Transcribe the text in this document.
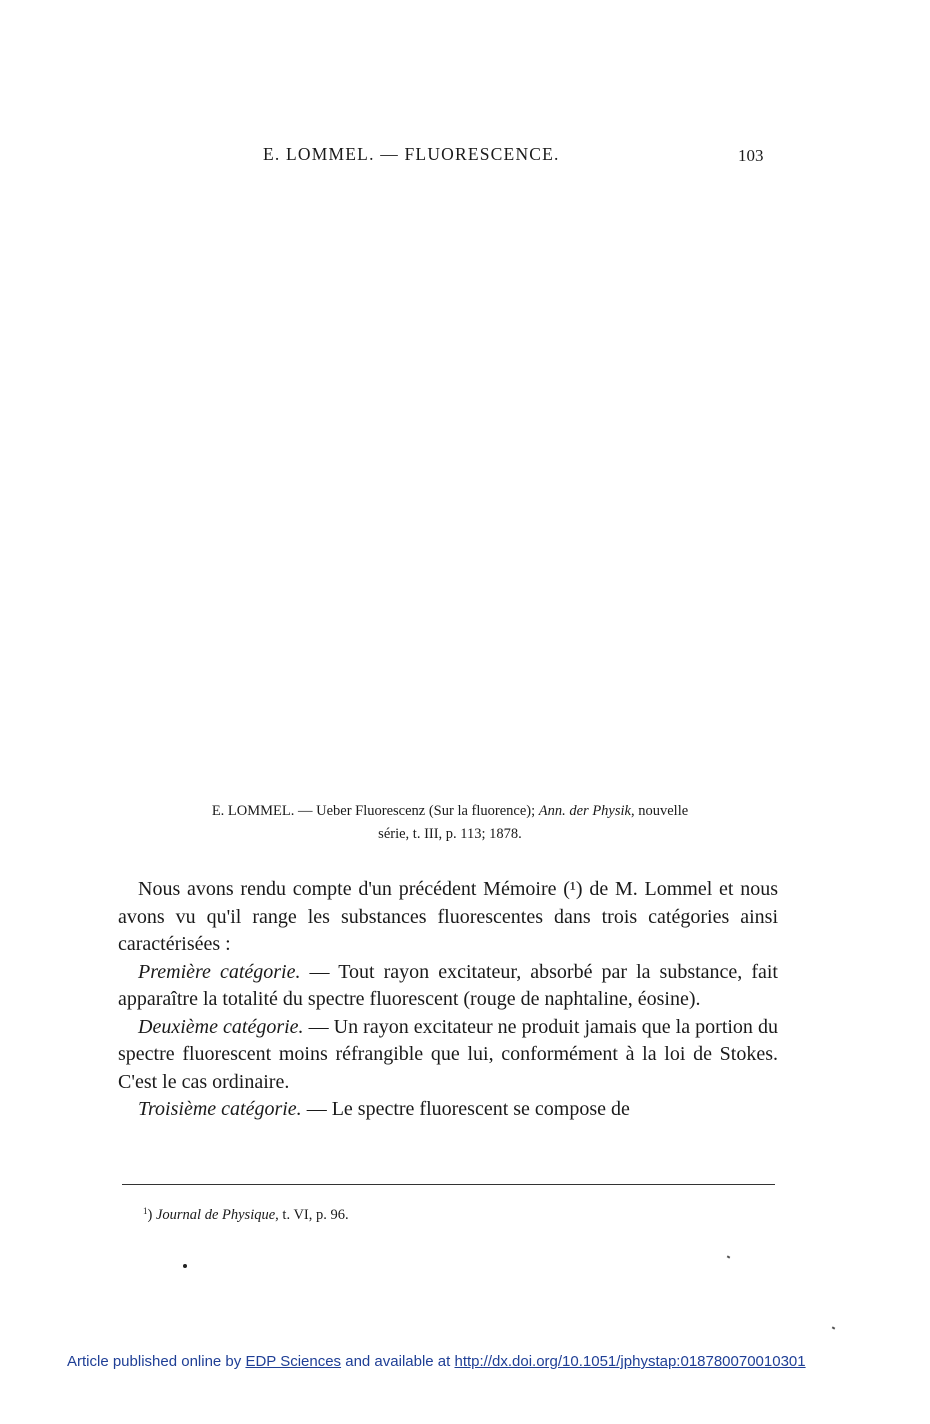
E. LOMMEL. — FLUORESCENCE.	103
E. LOMMEL. — Ueber Fluorescenz (Sur la fluorence); Ann. der Physik, nouvelle
série, t. III, p. 113; 1878.

Nous avons rendu compte d'un précédent Mémoire (¹) de M. Lommel et nous avons vu qu'il range les substances fluorescentes dans trois catégories ainsi caractérisées :

Première catégorie. — Tout rayon excitateur, absorbé par la substance, fait apparaître la totalité du spectre fluorescent (rouge de naphtaline, éosine).

Deuxième catégorie. — Un rayon excitateur ne produit jamais que la portion du spectre fluorescent moins réfrangible que lui, conformément à la loi de Stokes. C'est le cas ordinaire.

Troisième catégorie. — Le spectre fluorescent se compose de

$^1$) Journal de Physique, t. VI, p. 96.
Article published online by EDP Sciences and available at http://dx.doi.org/10.1051/jphystap:018780070010301
